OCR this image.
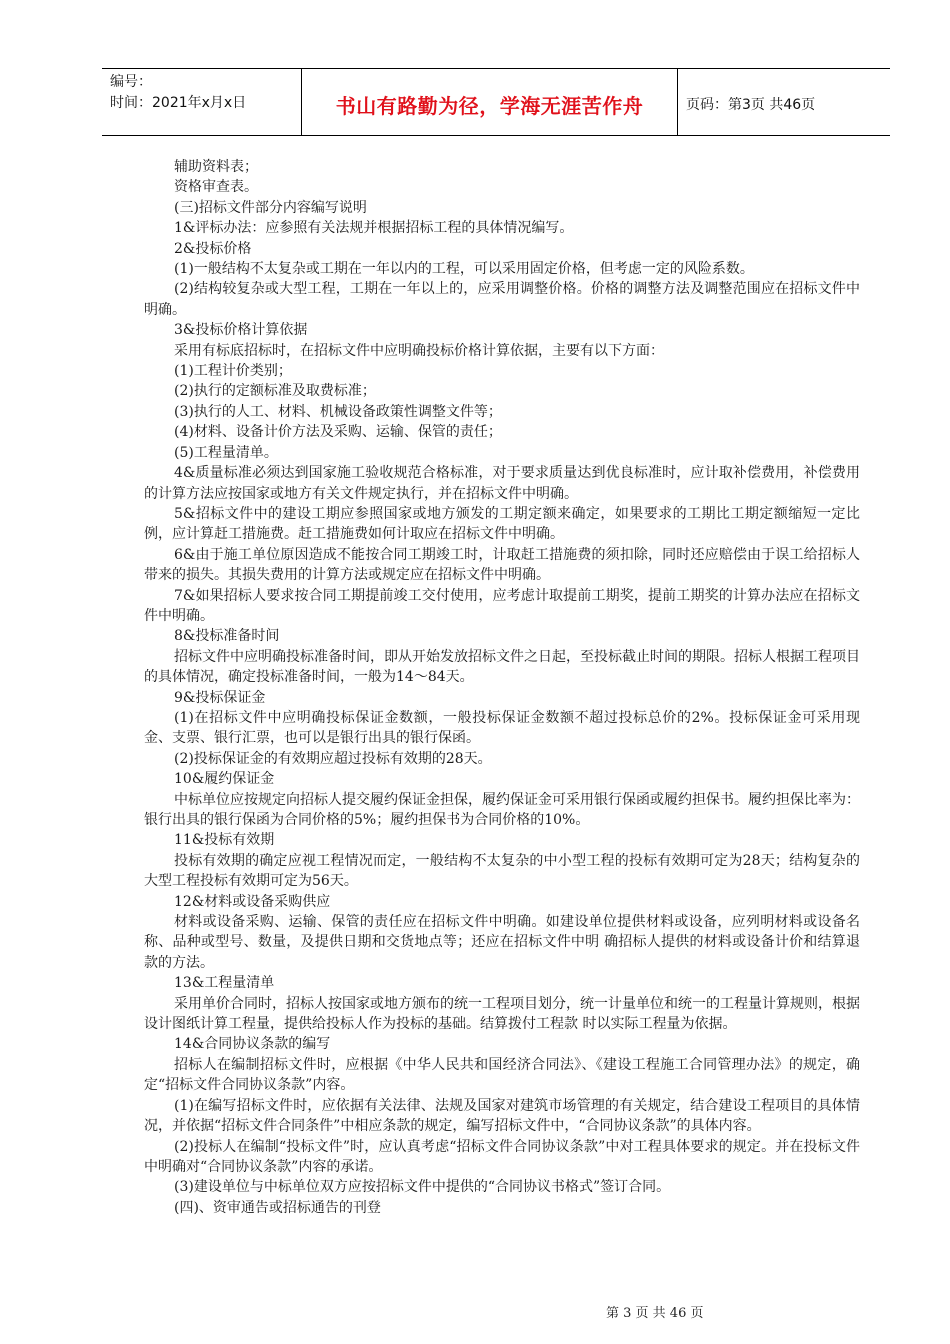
编号：
时间：2021年x月x日	书山有路勤为径，学海无涯苦作舟	页码：第3页 共46页

辅助资料表；

资格审查表。

(三)招标文件部分内容编写说明

1&评标办法：应参照有关法规并根据招标工程的具体情况编写。

2&投标价格

(1)一般结构不太复杂或工期在一年以内的工程，可以采用固定价格，但考虑一定的风险系数。

(2)结构较复杂或大型工程，工期在一年以上的，应采用调整价格。价格的调整方法及调整范围应在招标文件中明确。

3&投标价格计算依据

采用有标底招标时，在招标文件中应明确投标价格计算依据，主要有以下方面：

(1)工程计价类别；

(2)执行的定额标准及取费标准；

(3)执行的人工、材料、机械设备政策性调整文件等；

(4)材料、设备计价方法及采购、运输、保管的责任；

(5)工程量清单。

4&质量标准必须达到国家施工验收规范合格标准，对于要求质量达到优良标准时，应计取补偿费用，补偿费用的计算方法应按国家或地方有关文件规定执行，并在招标文件中明确。

5&招标文件中的建设工期应参照国家或地方颁发的工期定额来确定，如果要求的工期比工期定额缩短一定比例，应计算赶工措施费。赶工措施费如何计取应在招标文件中明确。

6&由于施工单位原因造成不能按合同工期竣工时，计取赶工措施费的须扣除，同时还应赔偿由于误工给招标人带来的损失。其损失费用的计算方法或规定应在招标文件中明确。

7&如果招标人要求按合同工期提前竣工交付使用，应考虑计取提前工期奖，提前工期奖的计算办法应在招标文件中明确。

8&投标准备时间

招标文件中应明确投标准备时间，即从开始发放招标文件之日起，至投标截止时间的期限。招标人根据工程项目的具体情况，确定投标准备时间，一般为14～84天。

9&投标保证金

(1)在招标文件中应明确投标保证金数额，一般投标保证金数额不超过投标总价的2%。投标保证金可采用现金、支票、银行汇票，也可以是银行出具的银行保函。

(2)投标保证金的有效期应超过投标有效期的28天。

10&履约保证金

中标单位应按规定向招标人提交履约保证金担保，履约保证金可采用银行保函或履约担保书。履约担保比率为：银行出具的银行保函为合同价格的5%；履约担保书为合同价格的10%。

11&投标有效期

投标有效期的确定应视工程情况而定，一般结构不太复杂的中小型工程的投标有效期可定为28天；结构复杂的大型工程投标有效期可定为56天。

12&材料或设备采购供应

材料或设备采购、运输、保管的责任应在招标文件中明确。如建设单位提供材料或设备，应列明材料或设备名称、品种或型号、数量，及提供日期和交货地点等；还应在招标文件中明 确招标人提供的材料或设备计价和结算退款的方法。

13&工程量清单

采用单价合同时，招标人按国家或地方颁布的统一工程项目划分，统一计量单位和统一的工程量计算规则，根据设计图纸计算工程量，提供给投标人作为投标的基础。结算拨付工程款 时以实际工程量为依据。

14&合同协议条款的编写

招标人在编制招标文件时，应根据《中华人民共和国经济合同法》、《建设工程施工合同管理办法》的规定，确定“招标文件合同协议条款”内容。

(1)在编写招标文件时，应依据有关法律、法规及国家对建筑市场管理的有关规定，结合建设工程项目的具体情况，并依据“招标文件合同条件”中相应条款的规定，编写招标文件中，“合同协议条款”的具体内容。

(2)投标人在编制“投标文件”时，应认真考虑“招标文件合同协议条款”中对工程具体要求的规定。并在投标文件中明确对“合同协议条款”内容的承诺。

(3)建设单位与中标单位双方应按招标文件中提供的“合同协议书格式”签订合同。

(四)、资审通告或招标通告的刊登

第 3 页 共 46 页
